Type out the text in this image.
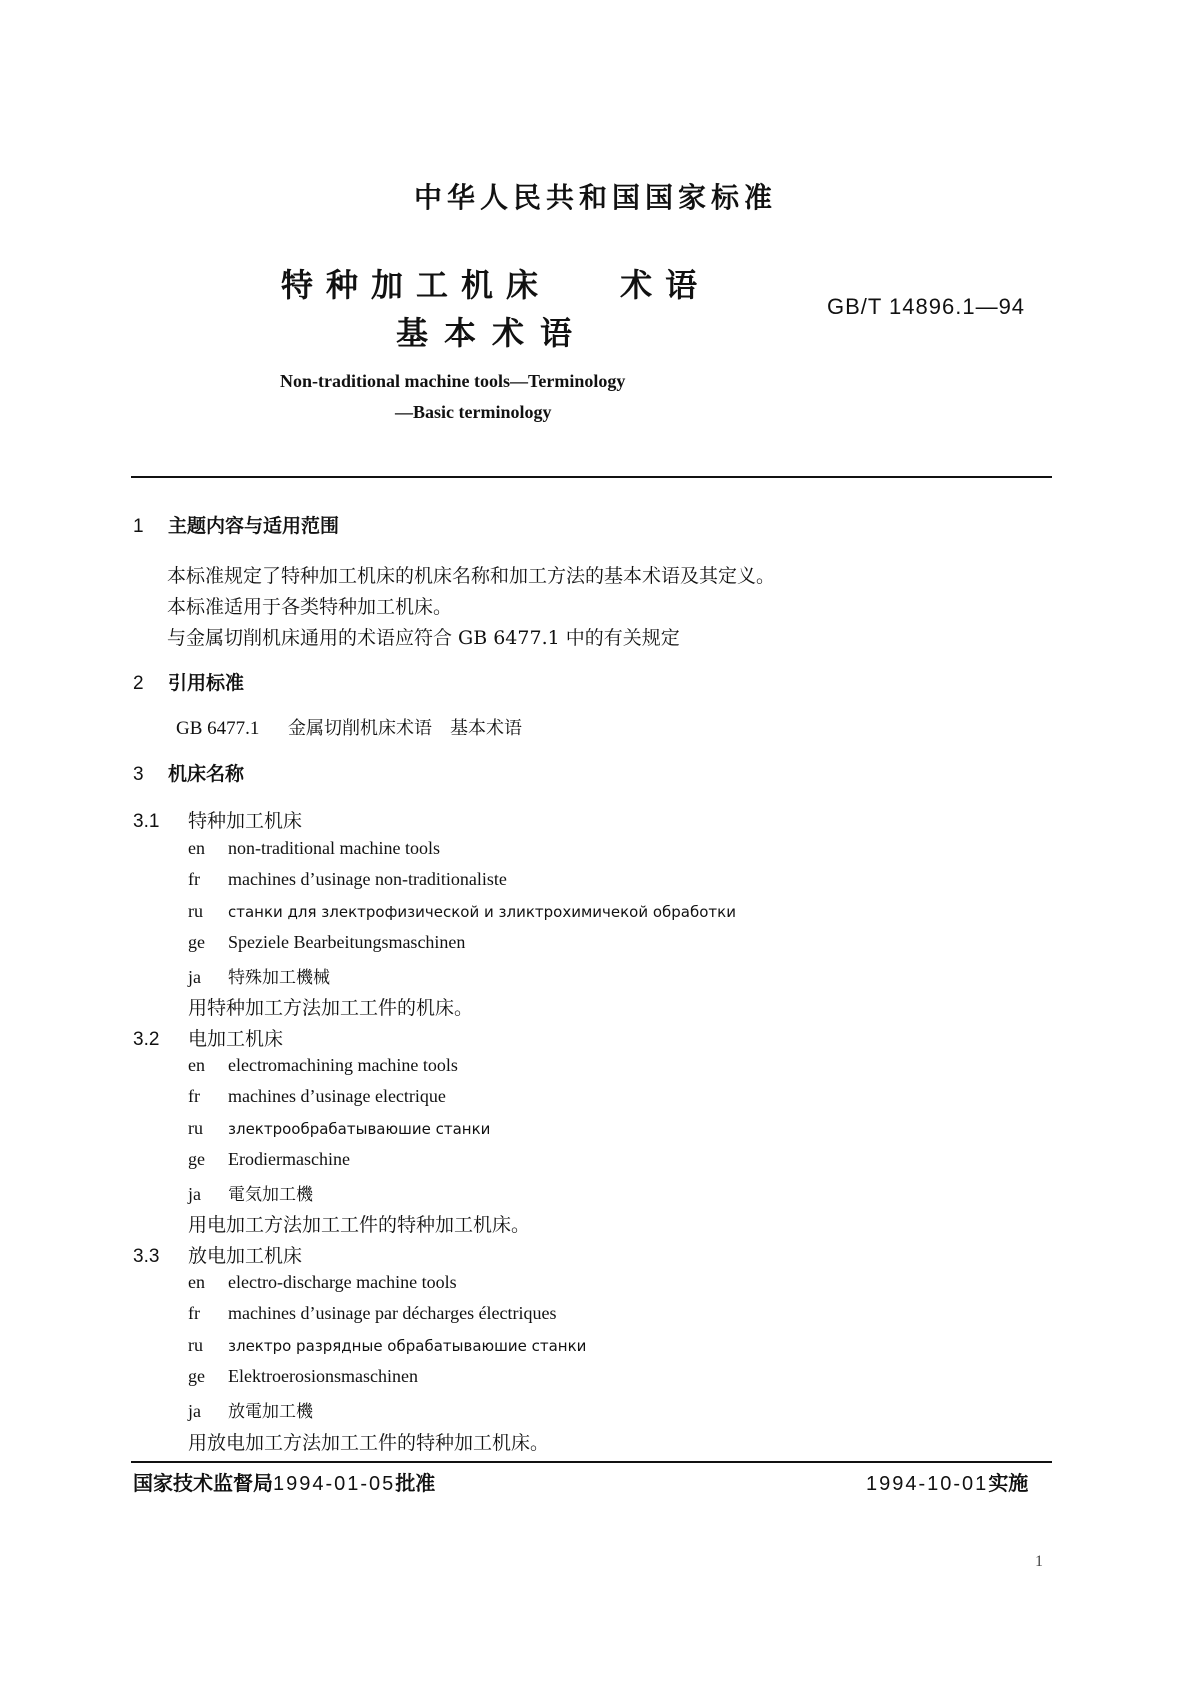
中华人民共和国国家标准
特种加工机床　 术语
基本术语
GB/T 14896.1—94
Non-traditional machine tools—Terminology
—Basic terminology
1 主题内容与适用范围
本标准规定了特种加工机床的机床名称和加工方法的基本术语及其定义。
本标准适用于各类特种加工机床。
与金属切削机床通用的术语应符合 GB 6477.1 中的有关规定
2 引用标准
GB 6477.1 金属切削机床术语　基本术语
3 机床名称
3.1 特种加工机床
en non-traditional machine tools
fr machines d’usinage non-traditionaliste
ru станки для злектрофизической и зликтрохимичекой обработки
ge Speziele Bearbeitungsmaschinen
ja 特殊加工機械
用特种加工方法加工工件的机床。
3.2 电加工机床
en electromachining machine tools
fr machines d’usinage electrique
ru злектрообрабатываюшие станки
ge Erodiermaschine
ja 電気加工機
用电加工方法加工工件的特种加工机床。
3.3 放电加工机床
en electro-discharge machine tools
fr machines d’usinage par décharges électriques
ru злектро разрядные обрабатываюшие станки
ge Elektroerosionsmaschinen
ja 放電加工機
用放电加工方法加工工件的特种加工机床。
国家技术监督局1994-01-05批准	1994-10-01实施
1
